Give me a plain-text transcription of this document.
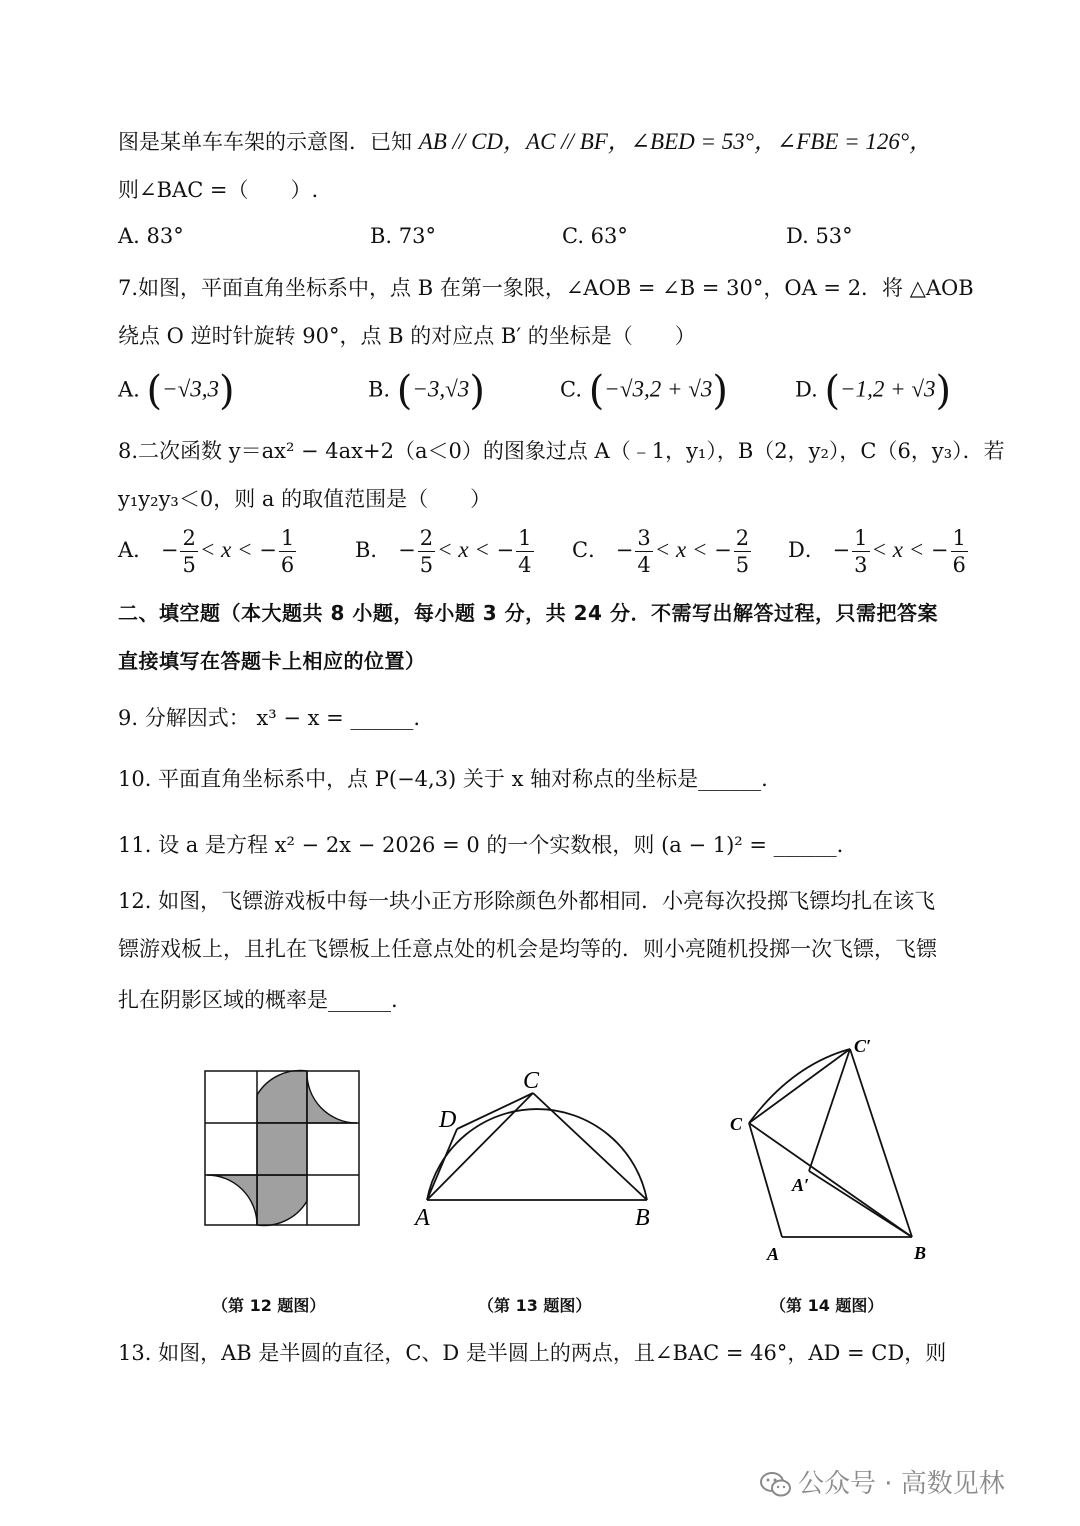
图是某单车车架的示意图．已知 AB // CD，AC // BF，∠BED = 53°，∠FBE = 126°，
则∠BAC =（　　）.
A. 83°	B. 73°	C. 63°	D. 53°
7.如图，平面直角坐标系中，点 B 在第一象限，∠AOB = ∠B = 30°，OA = 2．将 △AOB
绕点 O 逆时针旋转 90°，点 B 的对应点 B′ 的坐标是（　　）
A. (−√3,3)	B. (−3,√3)	C. (−√3,2 + √3)	D. (−1,2 + √3)
8.二次函数 y＝ax² − 4ax+2（a＜0）的图象过点 A（﹣1，y₁），B（2，y₂），C（6，y₃）．若
y₁y₂y₃＜0，则 a 的取值范围是（　　）
A． − $\frac{2}{5} < x$ < − $\frac{1}{6}$	B． − $\frac{2}{5} < x$ < − $\frac{1}{4}$ C． − $\frac{3}{4} < x$ < − $\frac{2}{5}$ D． − $\frac{1}{3} < x$ < − $\frac{1}{6}$
二、填空题（本大题共 8 小题，每小题 3 分，共 24 分．不需写出解答过程，只需把答案
直接填写在答题卡上相应的位置）
9. 分解因式： x³ − x = ______.
10. 平面直角坐标系中，点 P(−4,3) 关于 x 轴对称点的坐标是______.
11. 设 a 是方程 x² − 2x − 2026 = 0 的一个实数根，则 (a − 1)² = ______.
12. 如图，飞镖游戏板中每一块小正方形除颜色外都相同．小亮每次投掷飞镖均扎在该飞
镖游戏板上，且扎在飞镖板上任意点处的机会是均等的．则小亮随机投掷一次飞镖，飞镖
扎在阴影区域的概率是______.
C
D
A	B
C′
C
A′
A	B
（第 12 题图）	（第 13 题图）	（第 14 题图）
13. 如图，AB 是半圆的直径，C、D 是半圆上的两点，且∠BAC = 46°，AD = CD，则
公众号 · 高数见林
